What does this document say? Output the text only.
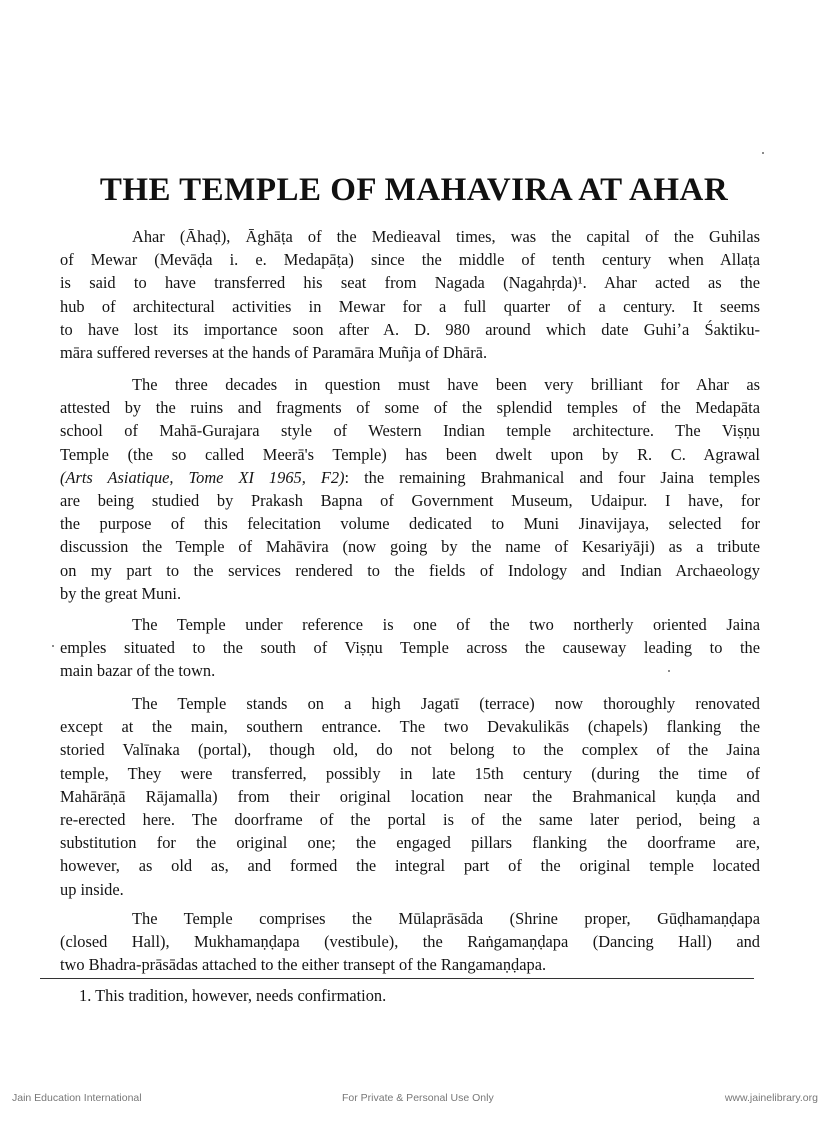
THE TEMPLE OF MAHAVIRA AT AHAR
Ahar (Āhaḍ), Āghāṭa of the Medieaval times, was the capital of the Guhilas
of Mewar (Mevāḍa i. e. Medapāṭa) since the middle of tenth century when Allaṭa
is said to have transferred his seat from Nagada (Nagahṛda)¹. Ahar acted as the
hub of architectural activities in Mewar for a full quarter of a century. It seems
to have lost its importance soon after A. D. 980 around which date Guhiʼa Śaktiku-
māra suffered reverses at the hands of Paramāra Muñja of Dhārā.
The three decades in question must have been very brilliant for Ahar as
attested by the ruins and fragments of some of the splendid temples of the Medapāta
school of Mahā-Gurajara style of Western Indian temple architecture. The Viṣṇu
Temple (the so called Meerā's Temple) has been dwelt upon by R. C. Agrawal
(Arts Asiatique, Tome XI 1965, F2): the remaining Brahmanical and four Jaina temples
are being studied by Prakash Bapna of Government Museum, Udaipur. I have, for
the purpose of this felecitation volume dedicated to Muni Jinavijaya, selected for
discussion the Temple of Mahāvira (now going by the name of Kesariyāji) as a tribute
on my part to the services rendered to the fields of Indology and Indian Archaeology
by the great Muni.
The Temple under reference is one of the two northerly oriented Jaina
emples situated to the south of Viṣṇu Temple across the causeway leading to the
main bazar of the town.
The Temple stands on a high Jagatī (terrace) now thoroughly renovated
except at the main, southern entrance. The two Devakulikās (chapels) flanking the
storied Valīnaka (portal), though old, do not belong to the complex of the Jaina
temple, They were transferred, possibly in late 15th century (during the time of
Mahārāṇā Rājamalla) from their original location near the Brahmanical kuṇḍa and
re-erected here. The doorframe of the portal is of the same later period, being a
substitution for the original one; the engaged pillars flanking the doorframe are,
however, as old as, and formed the integral part of the original temple located
up inside.
The Temple comprises the Mūlaprāsāda (Shrine proper, Gūḍhamaṇḍapa
(closed Hall), Mukhamaṇḍapa (vestibule), the Raṅgamaṇḍapa (Dancing Hall) and
two Bhadra-prāsādas attached to the either transept of the Rangamaṇḍapa.

1. This tradition, however, needs confirmation.

Jain Education International	For Private & Personal Use Only	www.jainelibrary.org
